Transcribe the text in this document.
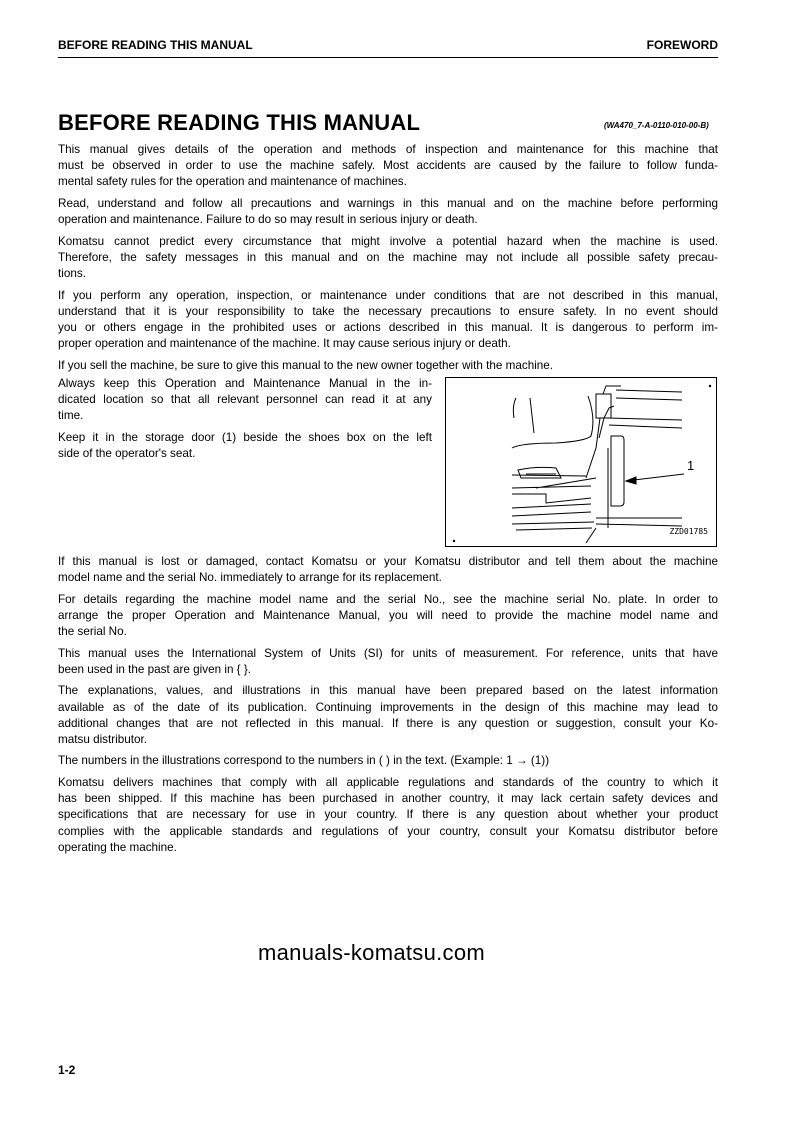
BEFORE READING THIS MANUAL	FOREWORD
BEFORE READING THIS MANUAL	(WA470_7-A-0110-010-00-B)
This manual gives details of the operation and methods of inspection and maintenance for this machine that
must be observed in order to use the machine safely. Most accidents are caused by the failure to follow funda-
mental safety rules for the operation and maintenance of machines.
Read, understand and follow all precautions and warnings in this manual and on the machine before performing
operation and maintenance. Failure to do so may result in serious injury or death.
Komatsu cannot predict every circumstance that might involve a potential hazard when the machine is used.
Therefore, the safety messages in this manual and on the machine may not include all possible safety precau-
tions.
If you perform any operation, inspection, or maintenance under conditions that are not described in this manual,
understand that it is your responsibility to take the necessary precautions to ensure safety. In no event should
you or others engage in the prohibited uses or actions described in this manual. It is dangerous to perform im-
proper operation and maintenance of the machine. It may cause serious injury or death.
If you sell the machine, be sure to give this manual to the new owner together with the machine.
Always keep this Operation and Maintenance Manual in the in-
dicated location so that all relevant personnel can read it at any
time.
Keep it in the storage door (1) beside the shoes box on the left
side of the operator's seat.
If this manual is lost or damaged, contact Komatsu or your Komatsu distributor and tell them about the machine
model name and the serial No. immediately to arrange for its replacement.
For details regarding the machine model name and the serial No., see the machine serial No. plate. In order to
arrange the proper Operation and Maintenance Manual, you will need to provide the machine model name and
the serial No.
This manual uses the International System of Units (SI) for units of measurement. For reference, units that have
been used in the past are given in { }.
The explanations, values, and illustrations in this manual have been prepared based on the latest information
available as of the date of its publication. Continuing improvements in the design of this machine may lead to
additional changes that are not reflected in this manual. If there is any question or suggestion, consult your Ko-
matsu distributor.
The numbers in the illustrations correspond to the numbers in ( ) in the text. (Example: 1 → (1))
Komatsu delivers machines that comply with all applicable regulations and standards of the country to which it
has been shipped. If this machine has been purchased in another country, it may lack certain safety devices and
specifications that are necessary for use in your country. If there is any question about whether your product
complies with the applicable standards and regulations of your country, consult your Komatsu distributor before
operating the machine.
manuals-komatsu.com
1
ZZD01785
1-2
